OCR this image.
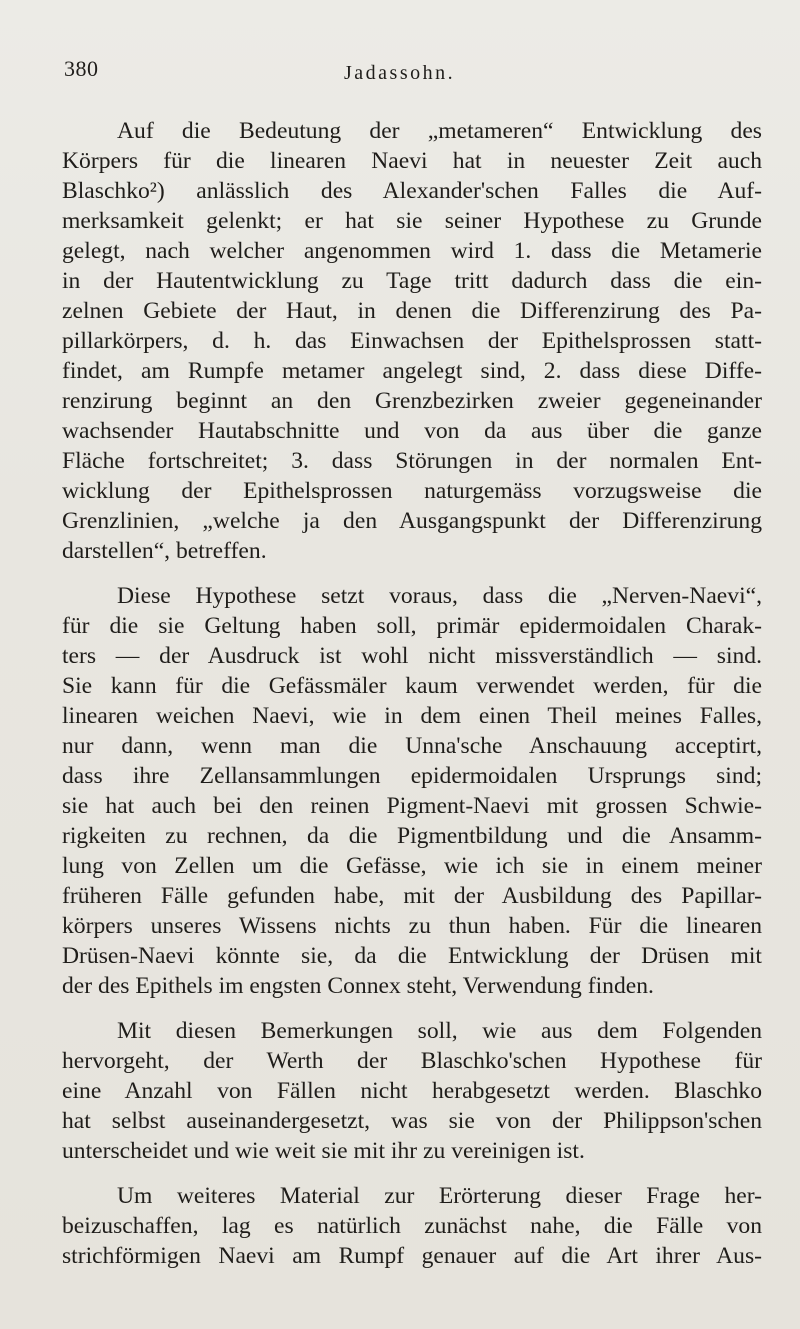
380	Jadassohn.
Auf die Bedeutung der „metameren“ Entwicklung des
Körpers für die linearen Naevi hat in neuester Zeit auch
Blaschko²) anlässlich des Alexander'schen Falles die Auf-
merksamkeit gelenkt; er hat sie seiner Hypothese zu Grunde
gelegt, nach welcher angenommen wird 1. dass die Metamerie
in der Hautentwicklung zu Tage tritt dadurch dass die ein-
zelnen Gebiete der Haut, in denen die Differenzirung des Pa-
pillarkörpers, d. h. das Einwachsen der Epithelsprossen statt-
findet, am Rumpfe metamer angelegt sind, 2. dass diese Diffe-
renzirung beginnt an den Grenzbezirken zweier gegeneinander
wachsender Hautabschnitte und von da aus über die ganze
Fläche fortschreitet; 3. dass Störungen in der normalen Ent-
wicklung der Epithelsprossen naturgemäss vorzugsweise die
Grenzlinien, „welche ja den Ausgangspunkt der Differenzirung
darstellen“, betreffen.
Diese Hypothese setzt voraus, dass die „Nerven-Naevi“,
für die sie Geltung haben soll, primär epidermoidalen Charak-
ters — der Ausdruck ist wohl nicht missverständlich — sind.
Sie kann für die Gefässmäler kaum verwendet werden, für die
linearen weichen Naevi, wie in dem einen Theil meines Falles,
nur dann, wenn man die Unna'sche Anschauung acceptirt,
dass ihre Zellansammlungen epidermoidalen Ursprungs sind;
sie hat auch bei den reinen Pigment-Naevi mit grossen Schwie-
rigkeiten zu rechnen, da die Pigmentbildung und die Ansamm-
lung von Zellen um die Gefässe, wie ich sie in einem meiner
früheren Fälle gefunden habe, mit der Ausbildung des Papillar-
körpers unseres Wissens nichts zu thun haben. Für die linearen
Drüsen-Naevi könnte sie, da die Entwicklung der Drüsen mit
der des Epithels im engsten Connex steht, Verwendung finden.
Mit diesen Bemerkungen soll, wie aus dem Folgenden
hervorgeht, der Werth der Blaschko'schen Hypothese für
eine Anzahl von Fällen nicht herabgesetzt werden. Blaschko
hat selbst auseinandergesetzt, was sie von der Philippson'schen
unterscheidet und wie weit sie mit ihr zu vereinigen ist.
Um weiteres Material zur Erörterung dieser Frage her-
beizuschaffen, lag es natürlich zunächst nahe, die Fälle von
strichförmigen Naevi am Rumpf genauer auf die Art ihrer Aus-
